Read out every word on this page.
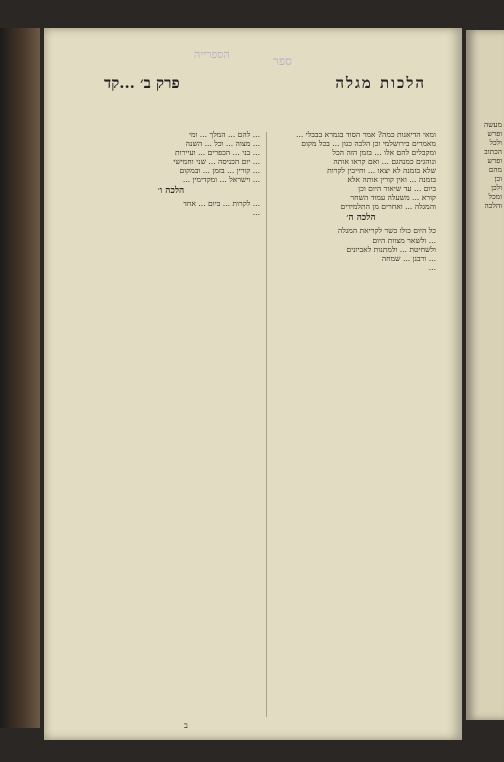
הלכות מגלה
פרק ב׳ ...קד
ספר
הספרייה
ומאי הדיאנות כמה? אמר הסוד בגמרא בבבלי ...
מאמרים בירושלמי וכן הלכה כגון ... בכל מקום
ומקבלים להם אלו ... בזמן הזה הכל
ונוהגים כמנהגם ... ואם קראו אותה
שלא בזמנה לא יצאו ... וחייבין לקרות
בזמנה ... ואין קורין אותה אלא
ביום ... עד שיאור היום וכן
קורא ... משעלה עמוד השחר
והמגלה ... ואחרים מן התלמידים
הלכה ה׳
כל היום כולו כשר לקריאת המגלה
... ולשאר מצוות היום
ולשחיטת ... ולמתנות לאביונים
... ורבנן ... שמחה
...
... להם ... המלך ... ומי
... מצוה ... וכל ... השנה
... בני ... הכפרים ... ועיירות
... יום הכניסה ... שני וחמישי
... קורין ... בזמן ... ובמקום
... וישראל ... ומקדימין ...
הלכה ו׳
... לקרות ... ביום ... אחד
...
ב
מעשה
ופרש
ולכל
הכתוב
ופרש
מהם
וכן
ולכן
ומכל
והלכה
